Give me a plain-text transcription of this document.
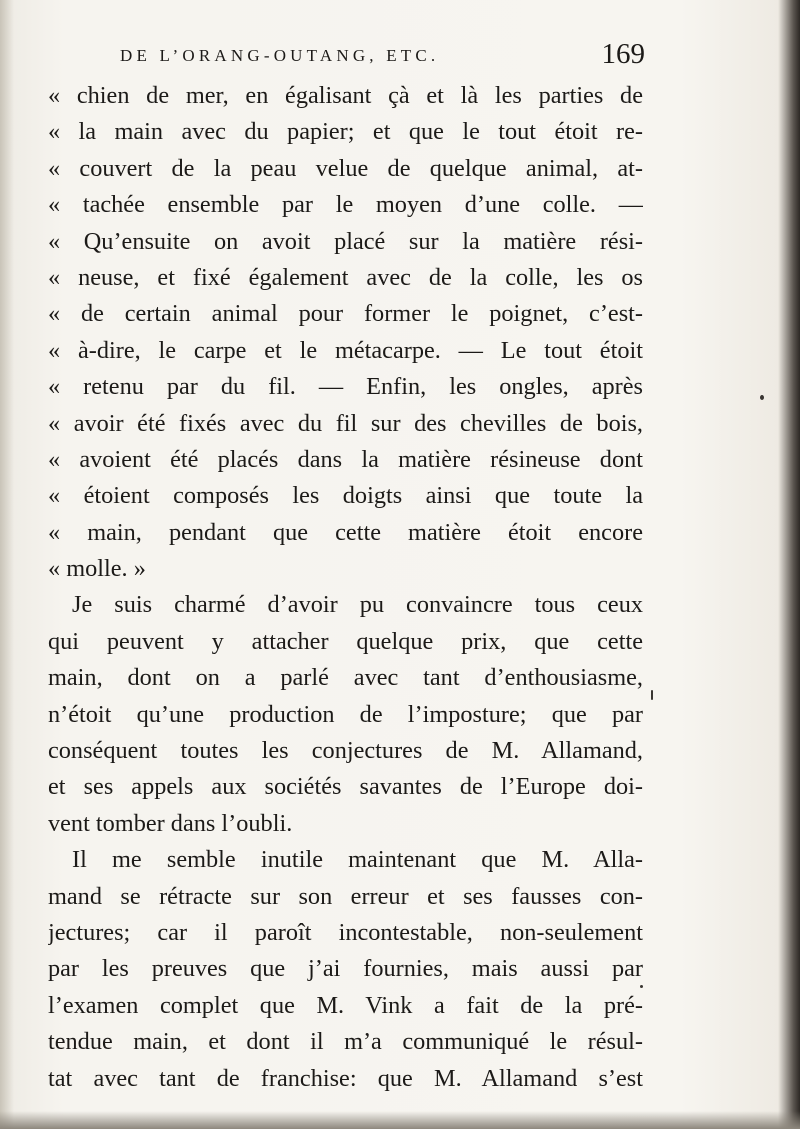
DE L’ORANG-OUTANG, ETC.	169
« chien de mer, en égalisant çà et là les parties de
« la main avec du papier; et que le tout étoit re-
« couvert de la peau velue de quelque animal, at-
« tachée ensemble par le moyen d’une colle. —
« Qu’ensuite on avoit placé sur la matière rési-
« neuse, et fixé également avec de la colle, les os
« de certain animal pour former le poignet, c’est-
« à-dire, le carpe et le métacarpe. — Le tout étoit
« retenu par du fil. — Enfin, les ongles, après
« avoir été fixés avec du fil sur des chevilles de bois,
« avoient été placés dans la matière résineuse dont
« étoient composés les doigts ainsi que toute la
« main, pendant que cette matière étoit encore
« molle. »
Je suis charmé d’avoir pu convaincre tous ceux
qui peuvent y attacher quelque prix, que cette
main, dont on a parlé avec tant d’enthousiasme,
n’étoit qu’une production de l’imposture; que par
conséquent toutes les conjectures de M. Allamand,
et ses appels aux sociétés savantes de l’Europe doi-
vent tomber dans l’oubli.
Il me semble inutile maintenant que M. Alla-
mand se rétracte sur son erreur et ses fausses con-
jectures; car il paroît incontestable, non-seulement
par les preuves que j’ai fournies, mais aussi par
l’examen complet que M. Vink a fait de la pré-
tendue main, et dont il m’a communiqué le résul-
tat avec tant de franchise: que M. Allamand s’est
